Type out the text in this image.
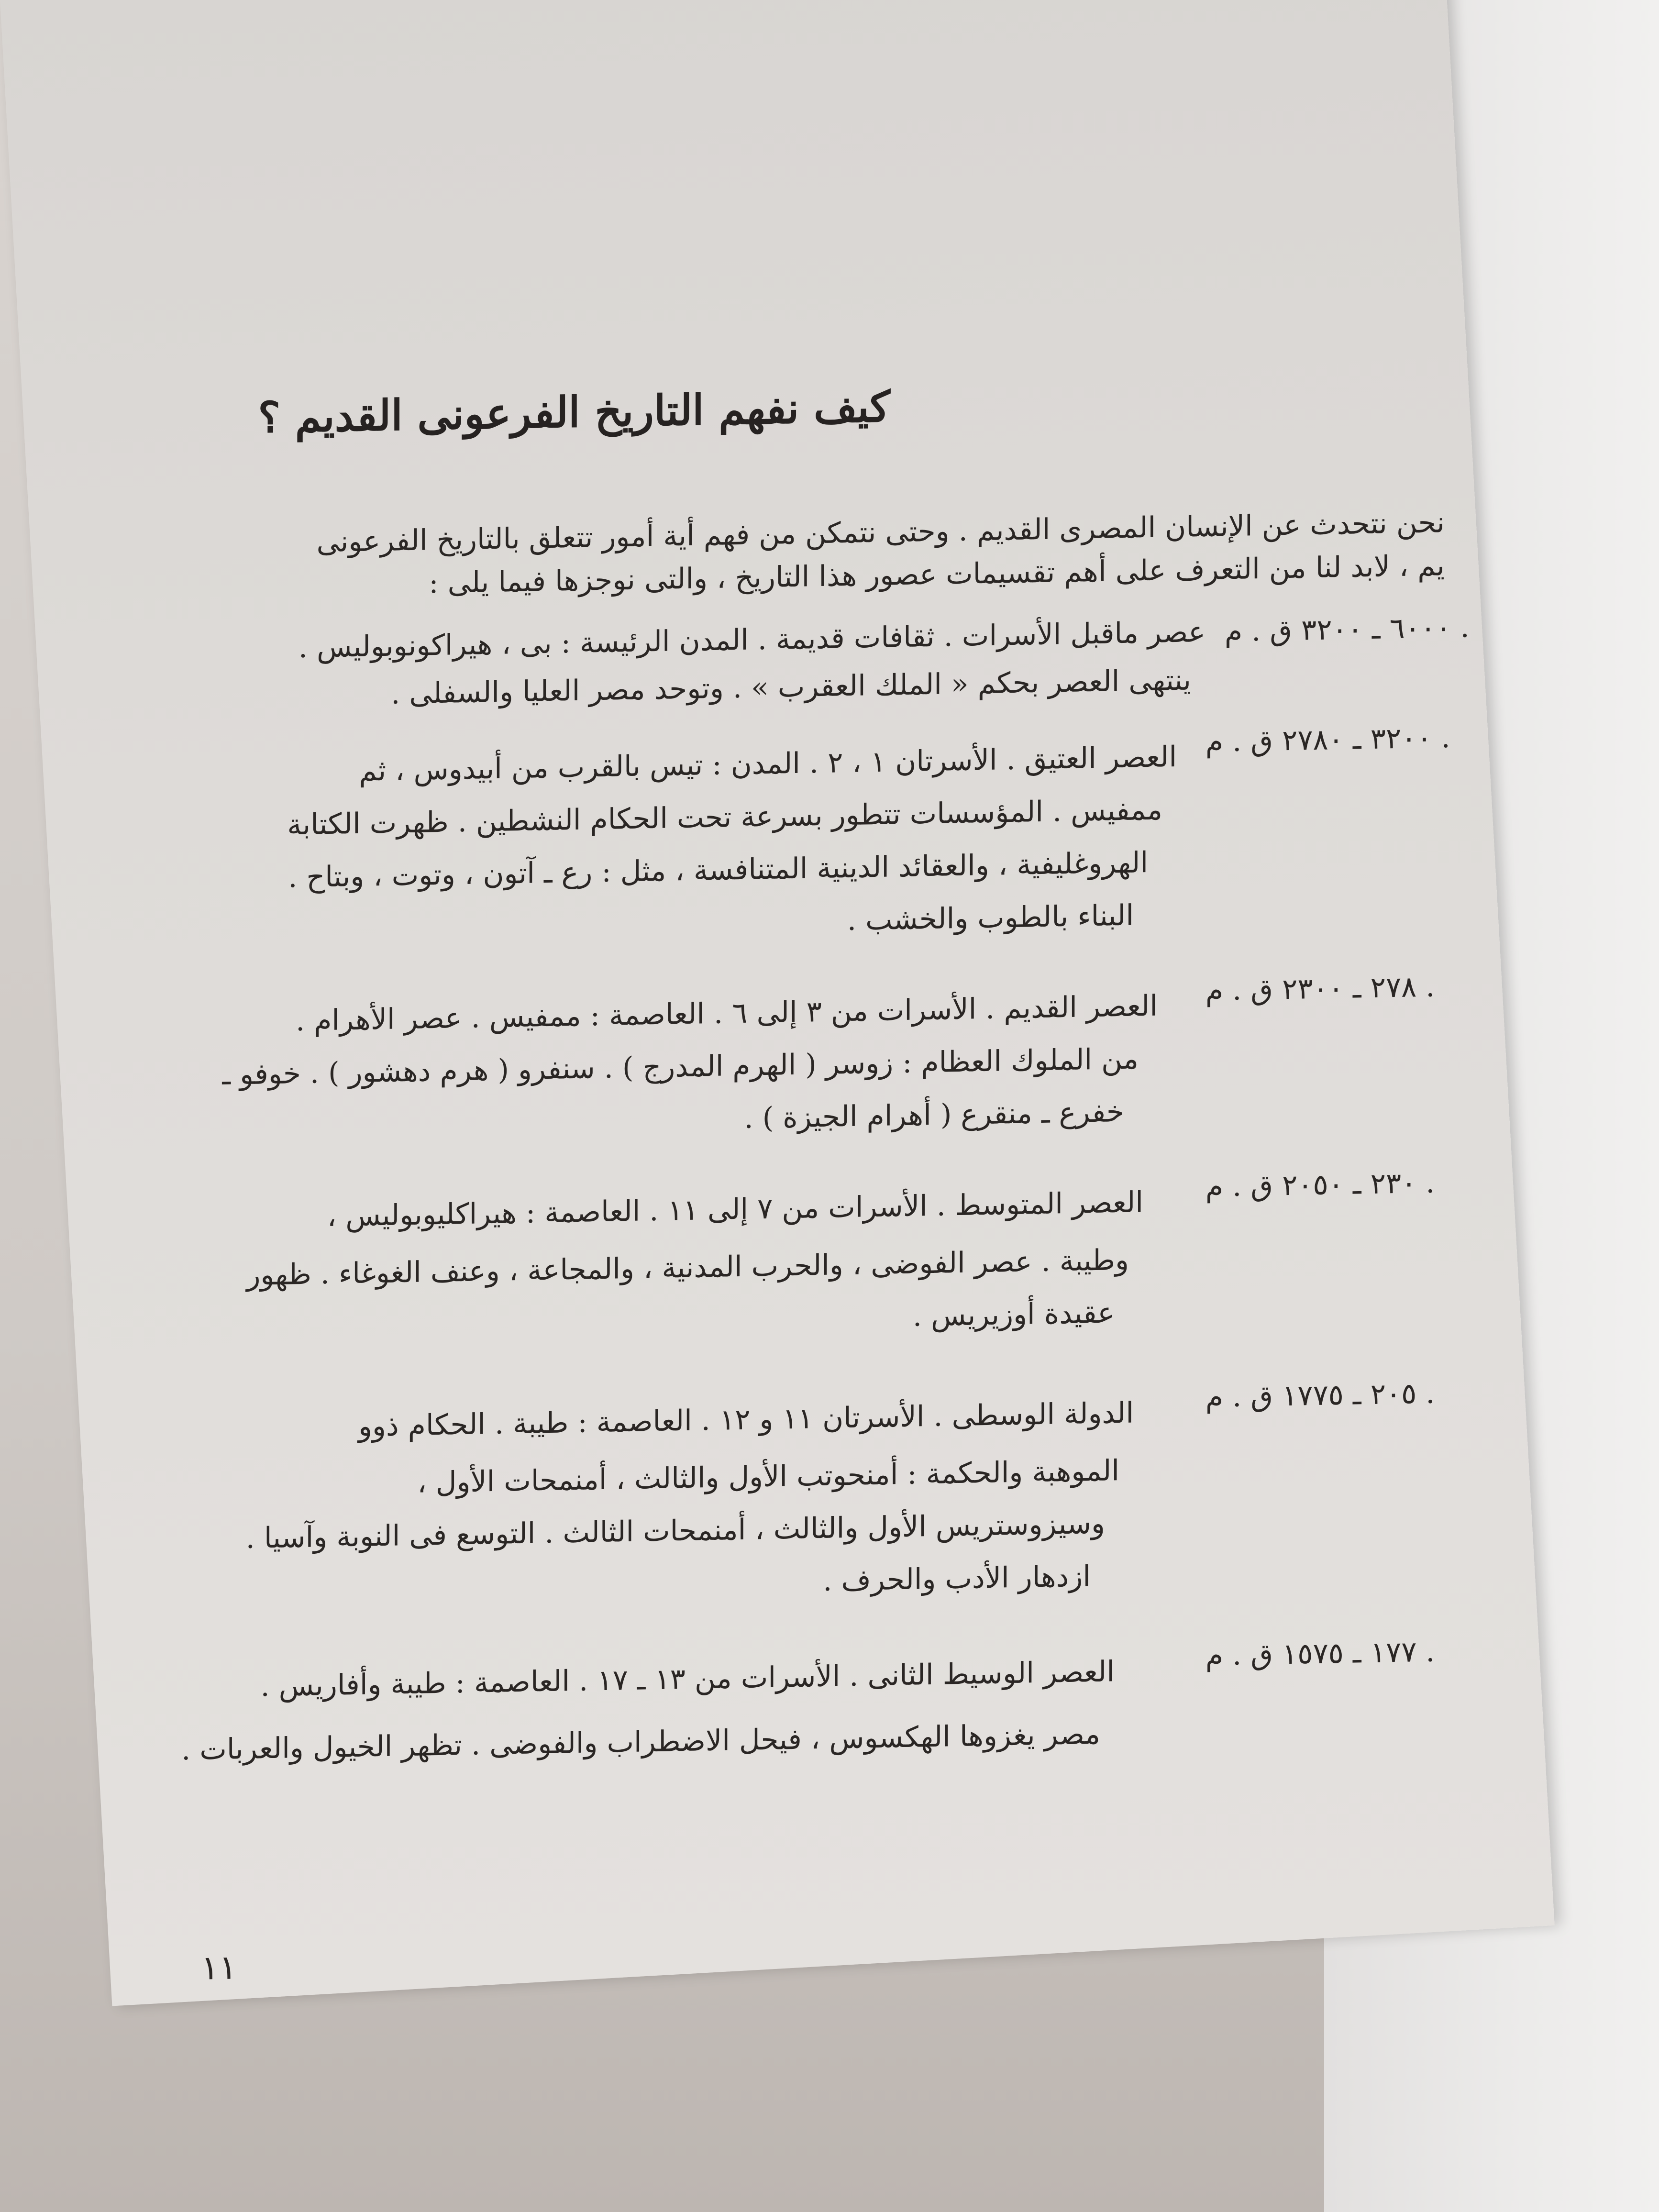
كيف نفهم التاريخ الفرعونى القديم ؟
نحن نتحدث عن الإنسان المصرى القديم . وحتى نتمكن من فهم أية أمور تتعلق بالتاريخ الفرعونى
يم ، لابد لنا من التعرف على أهم تقسيمات عصور هذا التاريخ ، والتى نوجزها فيما يلى :
٦٠٠٠ ـ ٣٢٠٠ ق . م .
عصر ماقبل الأسرات . ثقافات قديمة . المدن الرئيسة : بى ، هيراكونوبوليس .
ينتهى العصر بحكم « الملك العقرب » . وتوحد مصر العليا والسفلى .
٣٢٠٠ ـ ٢٧٨٠ ق . م .
العصر العتيق . الأسرتان ١ ، ٢ . المدن : تيس بالقرب من أبيدوس ، ثم
ممفيس . المؤسسات تتطور بسرعة تحت الحكام النشطين . ظهرت الكتابة
الهروغليفية ، والعقائد الدينية المتنافسة ، مثل : رع ـ آتون ، وتوت ، وبتاح .
البناء بالطوب والخشب .
٢٧٨ ـ ٢٣٠٠ ق . م .
العصر القديم . الأسرات من ٣ إلى ٦ . العاصمة : ممفيس . عصر الأهرام .
من الملوك العظام : زوسر ( الهرم المدرج ) . سنفرو ( هرم دهشور ) . خوفو ـ
خفرع ـ منقرع ( أهرام الجيزة ) .
٢٣٠ ـ ٢٠٥٠ ق . م .
العصر المتوسط . الأسرات من ٧ إلى ١١ . العاصمة : هيراكليوبوليس ،
وطيبة . عصر الفوضى ، والحرب المدنية ، والمجاعة ، وعنف الغوغاء . ظهور
عقيدة أوزيريس .
٢٠٥ ـ ١٧٧٥ ق . م .
الدولة الوسطى . الأسرتان ١١ و ١٢ . العاصمة : طيبة . الحكام ذوو
الموهبة والحكمة : أمنحوتب الأول والثالث ، أمنمحات الأول ،
وسيزوستريس الأول والثالث ، أمنمحات الثالث . التوسع فى النوبة وآسيا .
ازدهار الأدب والحرف .
١٧٧ ـ ١٥٧٥ ق . م .
العصر الوسيط الثانى . الأسرات من ١٣ ـ ١٧ . العاصمة : طيبة وأفاريس .
مصر يغزوها الهكسوس ، فيحل الاضطراب والفوضى . تظهر الخيول والعربات .
١١
